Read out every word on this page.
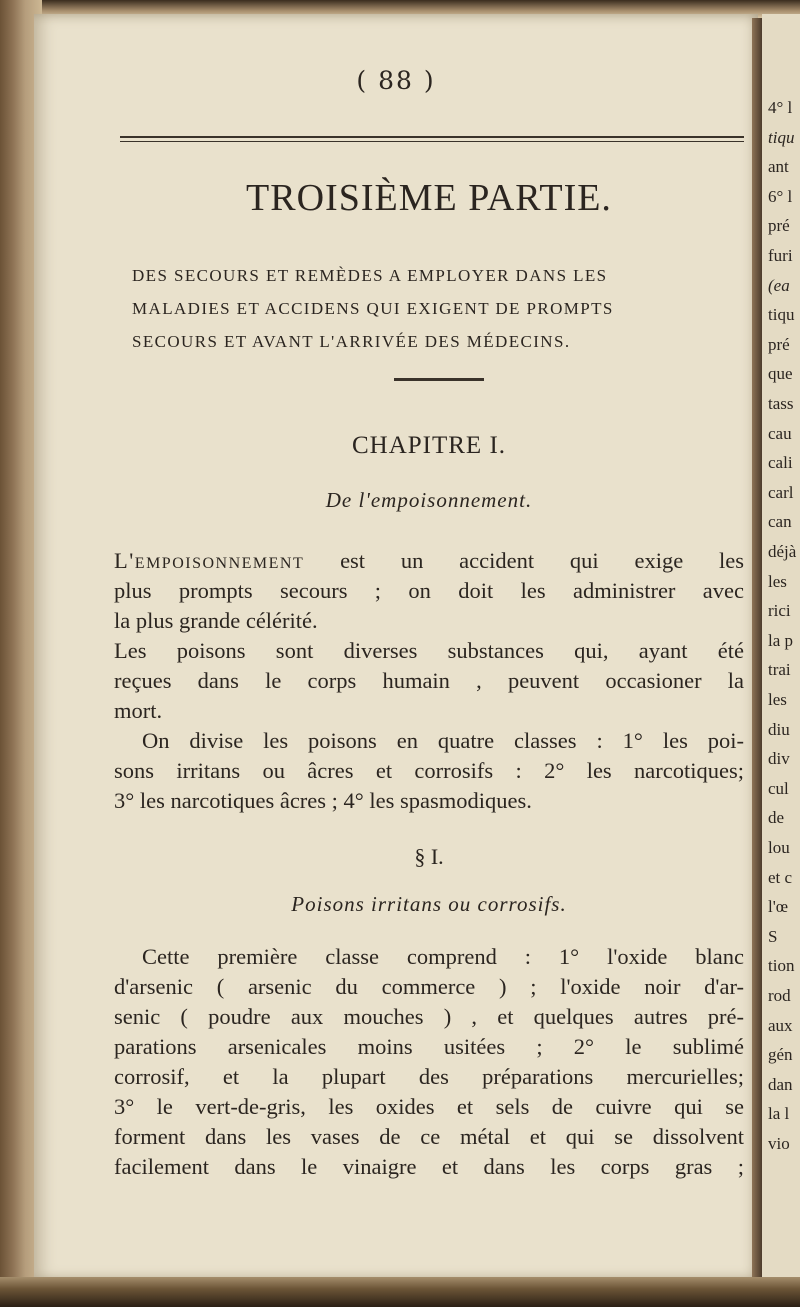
( 88 )
TROISIÈME PARTIE.
DES SECOURS ET REMÈDES A EMPLOYER DANS LES
MALADIES ET ACCIDENS QUI EXIGENT DE PROMPTS
SECOURS ET AVANT L'ARRIVÉE DES MÉDECINS.
CHAPITRE I.
De l'empoisonnement.
L'empoisonnement est un accident qui exige les
plus prompts secours ; on doit les administrer avec
la plus grande célérité.
Les poisons sont diverses substances qui, ayant été
reçues dans le corps humain , peuvent occasioner la
mort.
On divise les poisons en quatre classes : 1° les poi-
sons irritans ou âcres et corrosifs : 2° les narcotiques;
3° les narcotiques âcres ; 4° les spasmodiques.
§ I.
Poisons irritans ou corrosifs.
Cette première classe comprend : 1° l'oxide blanc
d'arsenic ( arsenic du commerce ) ; l'oxide noir d'ar-
senic ( poudre aux mouches ) , et quelques autres pré-
parations arsenicales moins usitées ; 2° le sublimé
corrosif, et la plupart des préparations mercurielles;
3° le vert-de-gris, les oxides et sels de cuivre qui se
forment dans les vases de ce métal et qui se dissolvent
facilement dans le vinaigre et dans les corps gras ;
4° l
tiqu
ant
6° l
pré
furi
(ea
tiqu
pré
que
tass
cau
cali
carl
can
déjà
les
rici
la p
trai
les
diu
div
cul
de
lou
et c
l'œ
S
tion
rod
aux
gén
dan
la l
vio
